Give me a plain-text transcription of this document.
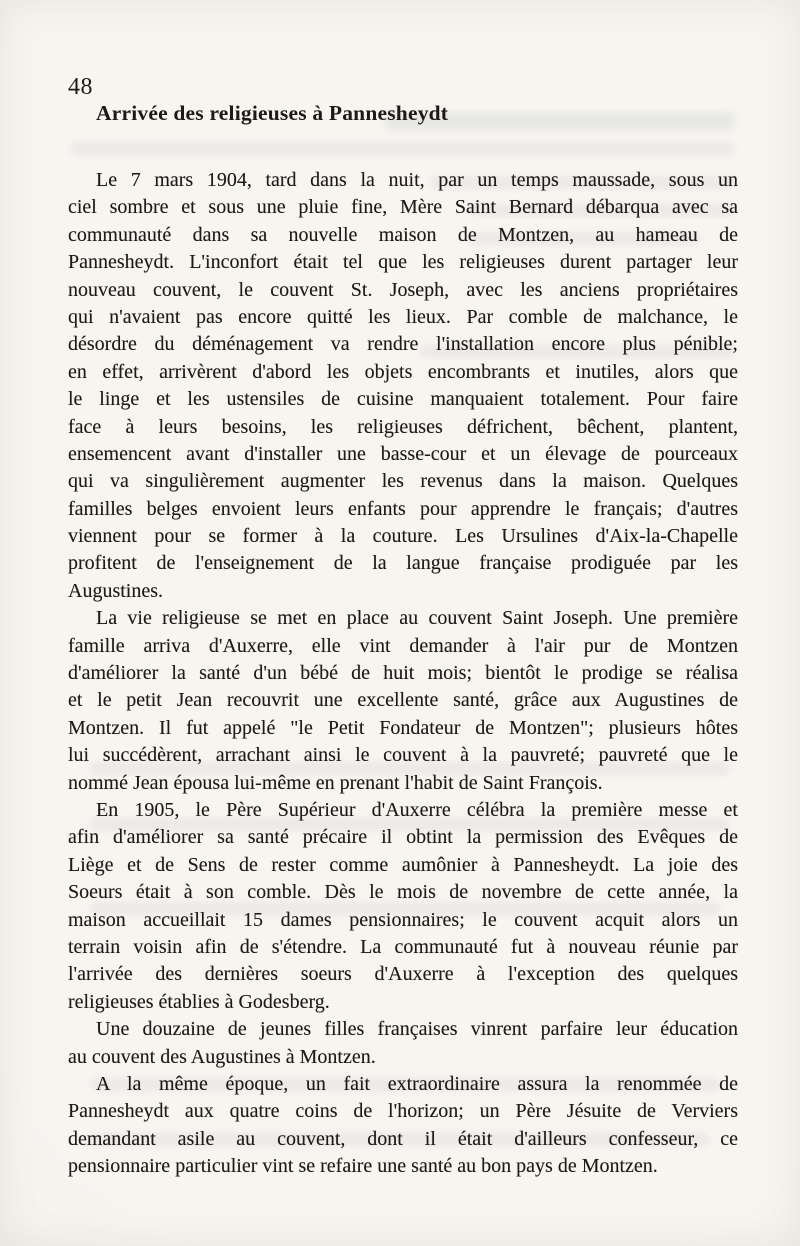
48
Arrivée des religieuses à Pannesheydt
Le 7 mars 1904, tard dans la nuit, par un temps maussade, sous un
ciel sombre et sous une pluie fine, Mère Saint Bernard débarqua avec sa
communauté dans sa nouvelle maison de Montzen, au hameau de
Pannesheydt. L'inconfort était tel que les religieuses durent partager leur
nouveau couvent, le couvent St. Joseph, avec les anciens propriétaires
qui n'avaient pas encore quitté les lieux. Par comble de malchance, le
désordre du déménagement va rendre l'installation encore plus pénible;
en effet, arrivèrent d'abord les objets encombrants et inutiles, alors que
le linge et les ustensiles de cuisine manquaient totalement. Pour faire
face à leurs besoins, les religieuses défrichent, bêchent, plantent,
ensemencent avant d'installer une basse-cour et un élevage de pourceaux
qui va singulièrement augmenter les revenus dans la maison. Quelques
familles belges envoient leurs enfants pour apprendre le français; d'autres
viennent pour se former à la couture. Les Ursulines d'Aix-la-Chapelle
profitent de l'enseignement de la langue française prodiguée par les
Augustines.
La vie religieuse se met en place au couvent Saint Joseph. Une première
famille arriva d'Auxerre, elle vint demander à l'air pur de Montzen
d'améliorer la santé d'un bébé de huit mois; bientôt le prodige se réalisa
et le petit Jean recouvrit une excellente santé, grâce aux Augustines de
Montzen. Il fut appelé "le Petit Fondateur de Montzen"; plusieurs hôtes
lui succédèrent, arrachant ainsi le couvent à la pauvreté; pauvreté que le
nommé Jean épousa lui-même en prenant l'habit de Saint François.
En 1905, le Père Supérieur d'Auxerre célébra la première messe et
afin d'améliorer sa santé précaire il obtint la permission des Evêques de
Liège et de Sens de rester comme aumônier à Pannesheydt. La joie des
Soeurs était à son comble. Dès le mois de novembre de cette année, la
maison accueillait 15 dames pensionnaires; le couvent acquit alors un
terrain voisin afin de s'étendre. La communauté fut à nouveau réunie par
l'arrivée des dernières soeurs d'Auxerre à l'exception des quelques
religieuses établies à Godesberg.
Une douzaine de jeunes filles françaises vinrent parfaire leur éducation
au couvent des Augustines à Montzen.
A la même époque, un fait extraordinaire assura la renommée de
Pannesheydt aux quatre coins de l'horizon; un Père Jésuite de Verviers
demandant asile au couvent, dont il était d'ailleurs confesseur, ce
pensionnaire particulier vint se refaire une santé au bon pays de Montzen.
